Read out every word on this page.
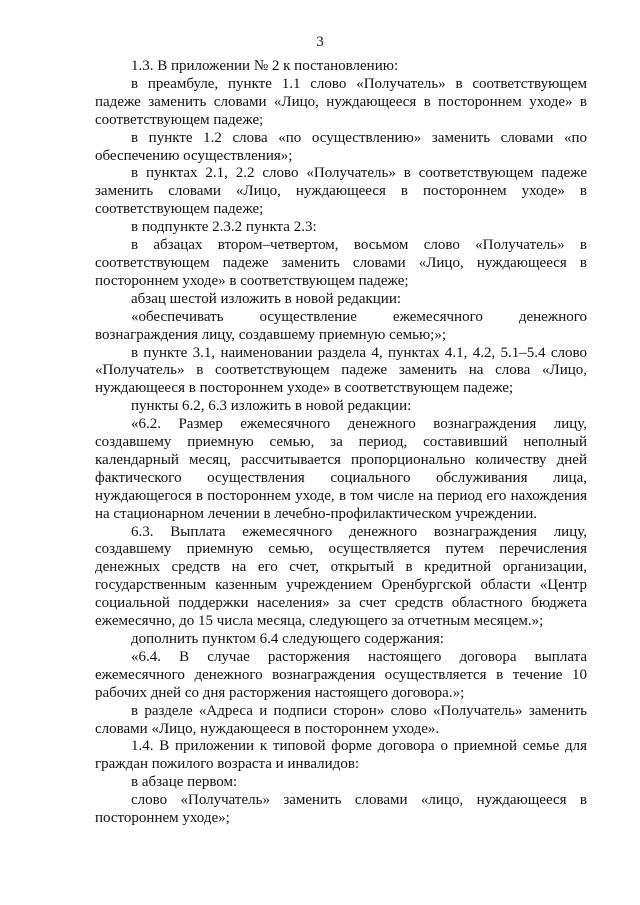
3

1.3. В приложении № 2 к постановлению:

в преамбуле, пункте 1.1 слово «Получатель» в соответствующем падеже заменить словами «Лицо, нуждающееся в постороннем уходе» в соответствующем падеже;

в пункте 1.2 слова «по осуществлению» заменить словами «по обеспечению осуществления»;

в пунктах 2.1, 2.2 слово «Получатель» в соответствующем падеже заменить словами «Лицо, нуждающееся в постороннем уходе» в соответствующем падеже;

в подпункте 2.3.2 пункта 2.3:

в абзацах втором–четвертом, восьмом слово «Получатель» в соответствующем падеже заменить словами «Лицо, нуждающееся в постороннем уходе» в соответствующем падеже;

абзац шестой изложить в новой редакции:

«обеспечивать осуществление ежемесячного денежного вознаграждения лицу, создавшему приемную семью;»;

в пункте 3.1, наименовании раздела 4, пунктах 4.1, 4.2, 5.1–5.4 слово «Получатель» в соответствующем падеже заменить на слова «Лицо, нуждающееся в постороннем уходе» в соответствующем падеже;

пункты 6.2, 6.3 изложить в новой редакции:

«6.2. Размер ежемесячного денежного вознаграждения лицу, создавшему приемную семью, за период, составивший неполный календарный месяц, рассчитывается пропорционально количеству дней фактического осуществления социального обслуживания лица, нуждающегося в постороннем уходе, в том числе на период его нахождения на стационарном лечении в лечебно-профилактическом учреждении.

6.3. Выплата ежемесячного денежного вознаграждения лицу, создавшему приемную семью, осуществляется путем перечисления денежных средств на его счет, открытый в кредитной организации, государственным казенным учреждением Оренбургской области «Центр социальной поддержки населения» за счет средств областного бюджета ежемесячно, до 15 числа месяца, следующего за отчетным месяцем.»;

дополнить пунктом 6.4 следующего содержания:

«6.4. В случае расторжения настоящего договора выплата ежемесячного денежного вознаграждения осуществляется в течение 10 рабочих дней со дня расторжения настоящего договора.»;

в разделе «Адреса и подписи сторон» слово «Получатель» заменить словами «Лицо, нуждающееся в постороннем уходе».

1.4. В приложении к типовой форме договора о приемной семье для граждан пожилого возраста и инвалидов:

в абзаце первом:

слово «Получатель» заменить словами «лицо, нуждающееся в постороннем уходе»;
